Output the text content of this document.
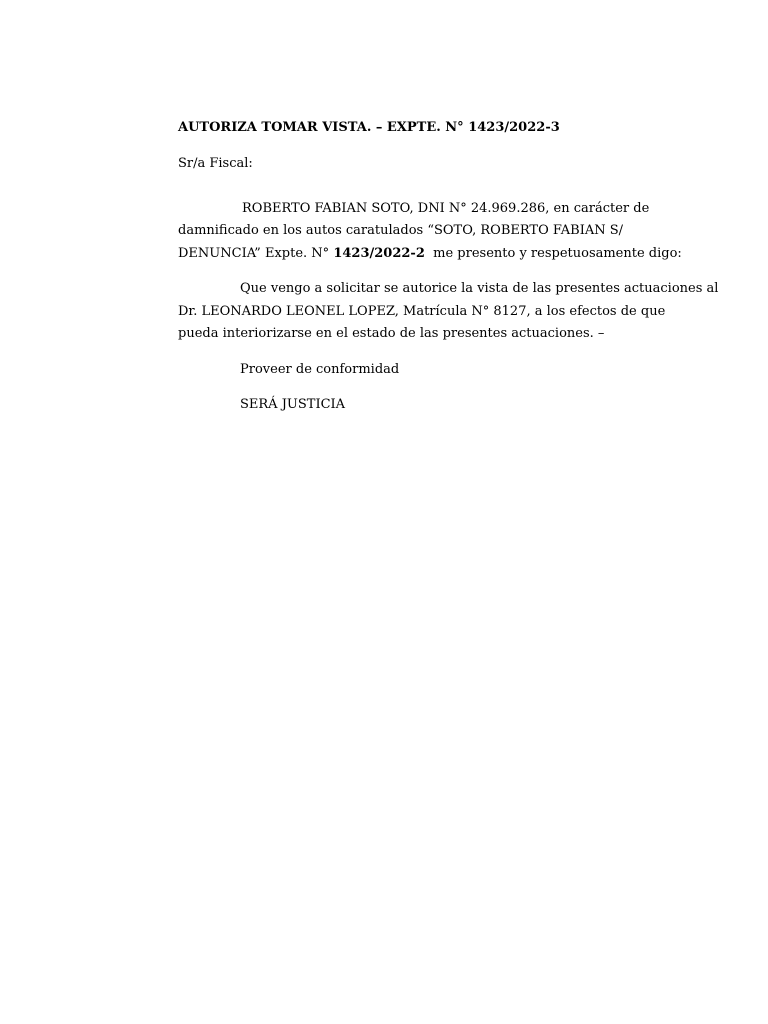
AUTORIZA TOMAR VISTA. – EXPTE. N° 1423/2022-3
Sr/a Fiscal:
ROBERTO FABIAN SOTO, DNI N° 24.969.286, en carácter de
damnificado en los autos caratulados “SOTO, ROBERTO FABIAN S/
DENUNCIA” Expte. N° 1423/2022-2 me presento y respetuosamente digo:
Que vengo a solicitar se autorice la vista de las presentes actuaciones al
Dr. LEONARDO LEONEL LOPEZ, Matrícula N° 8127, a los efectos de que
pueda interiorizarse en el estado de las presentes actuaciones. –
Proveer de conformidad
SERÁ JUSTICIA
